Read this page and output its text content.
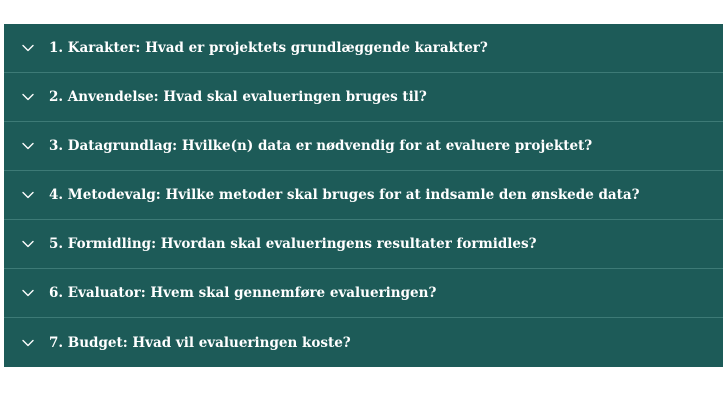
1. Karakter: Hvad er projektets grundlæggende karakter?
2. Anvendelse: Hvad skal evalueringen bruges til?
3. Datagrundlag: Hvilke(n) data er nødvendig for at evaluere projektet?
4. Metodevalg: Hvilke metoder skal bruges for at indsamle den ønskede data?
5. Formidling: Hvordan skal evalueringens resultater formidles?
6. Evaluator: Hvem skal gennemføre evalueringen?
7. Budget: Hvad vil evalueringen koste?
